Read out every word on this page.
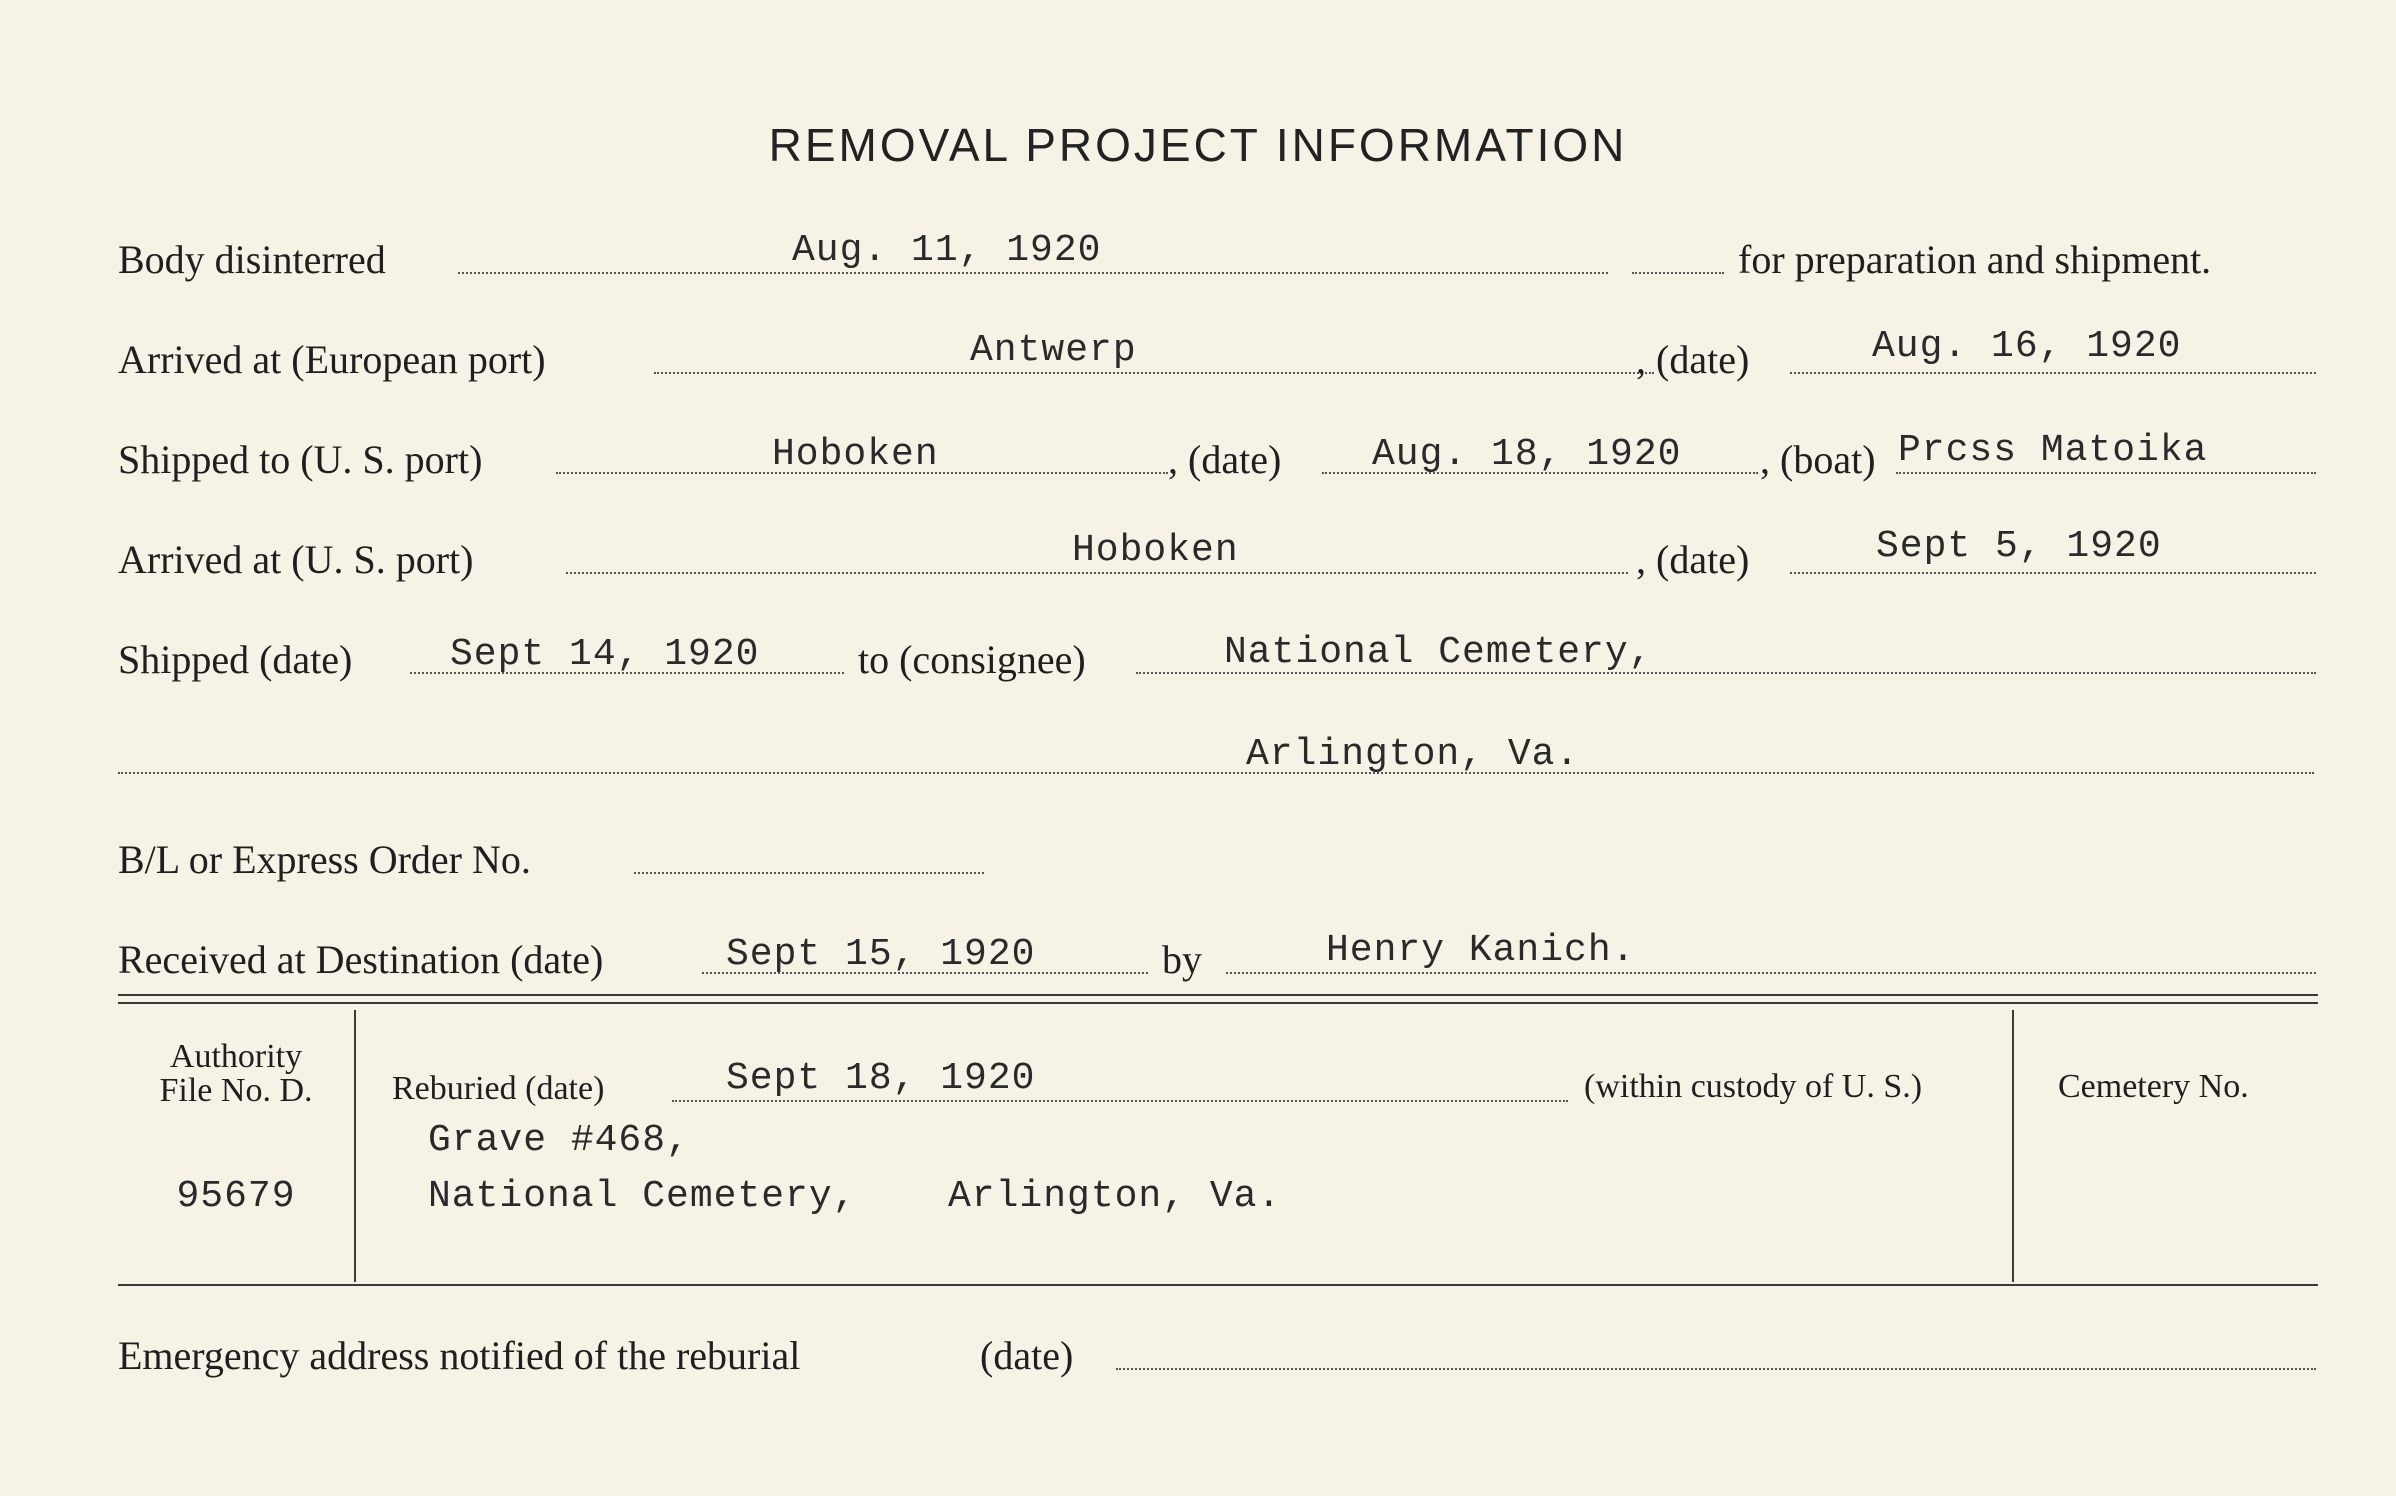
REMOVAL PROJECT INFORMATION
Body disinterred	Aug. 11, 1920	for preparation and shipment.
Arrived at (European port)	Antwerp	, (date)	Aug. 16, 1920
Shipped to (U. S. port)	Hoboken	, (date) Aug. 18, 1920 , (boat) Prcss Matoika
Arrived at (U. S. port)	Hoboken	, (date)	Sept 5, 1920
Shipped (date)	Sept 14, 1920 to (consignee)	National Cemetery,
Arlington, Va.
B/L or Express Order No.
Received at Destination (date)	Sept 15, 1920	by	Henry Kanich.
Authority
File No. D.
95679
Reburied (date)	Sept 18, 1920	(within custody of U. S.)
Grave #468,
National Cemetery, Arlington, Va.
Cemetery No.
Emergency address notified of the reburial	(date)
